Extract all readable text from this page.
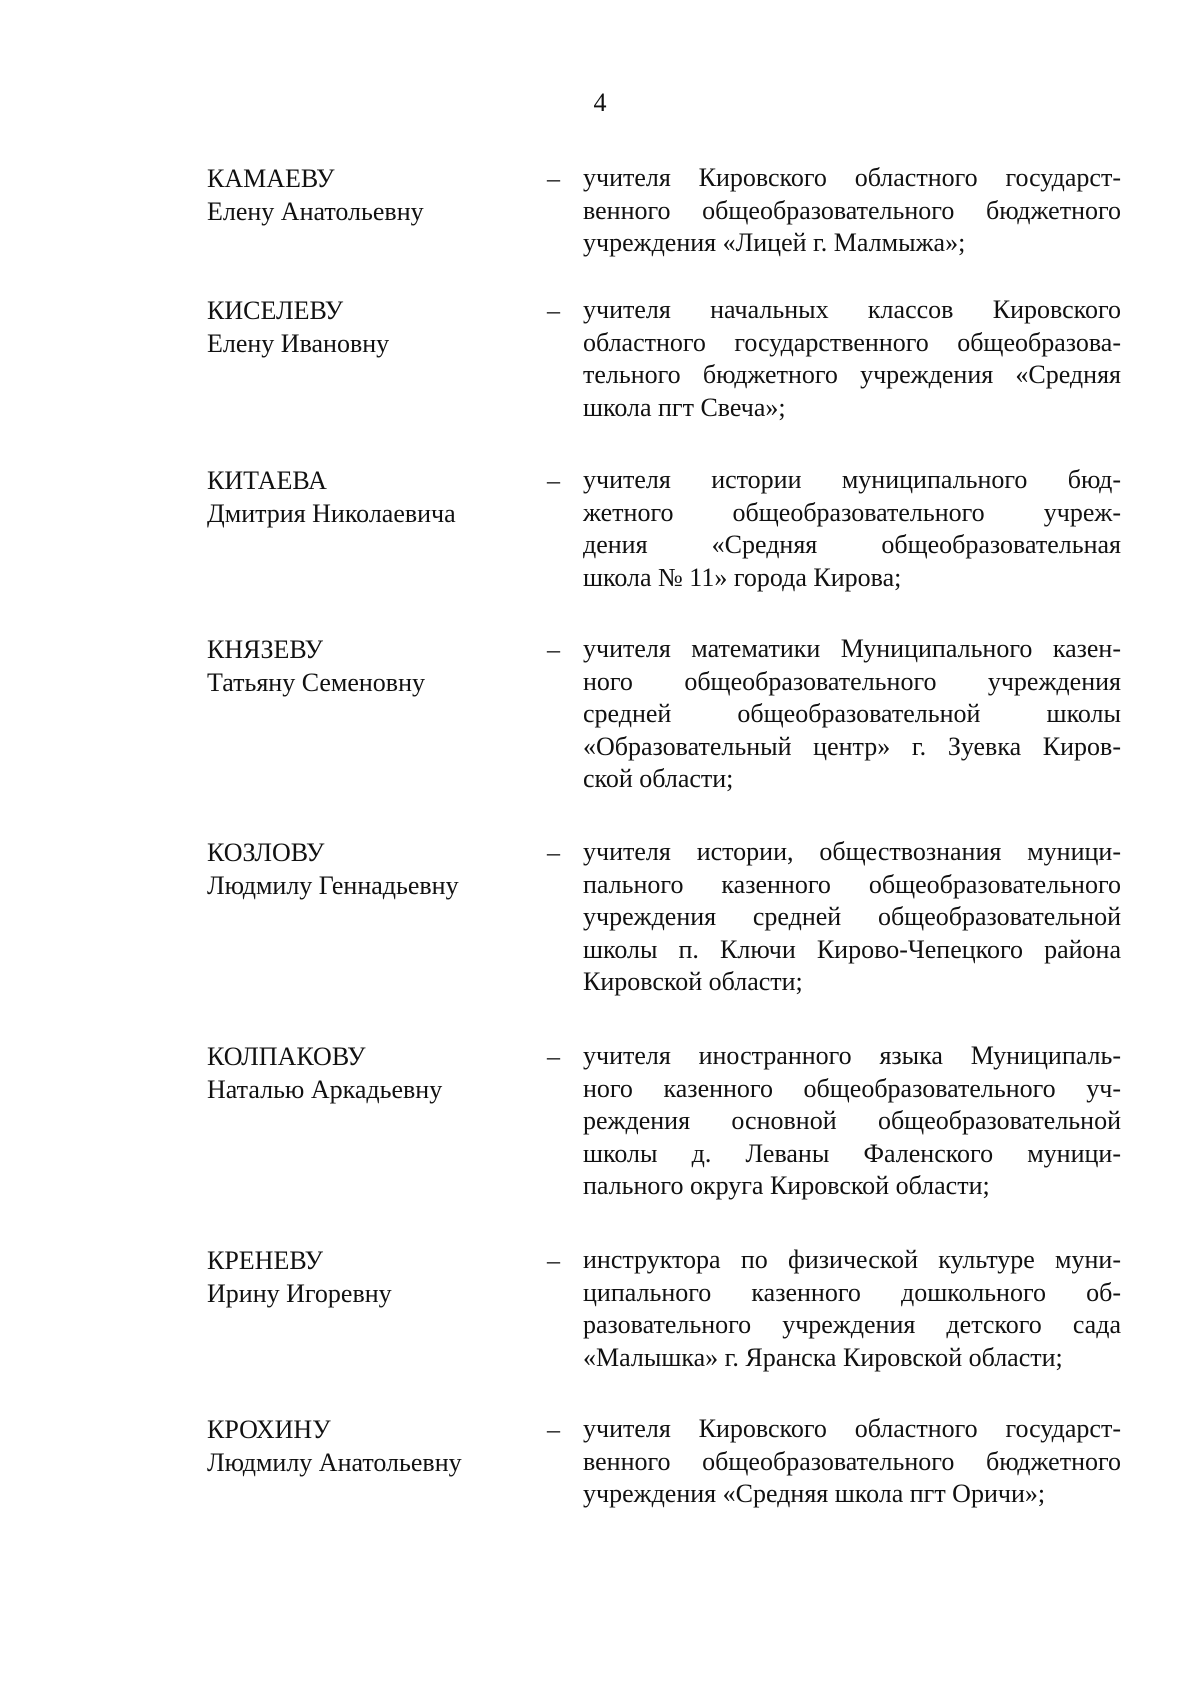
4
КАМАЕВУ
Елену Анатольевну
– учителя Кировского областного государст-
венного общеобразовательного бюджетного
учреждения «Лицей г. Малмыжа»;
КИСЕЛЕВУ
Елену Ивановну
– учителя начальных классов Кировского
областного государственного общеобразова-
тельного бюджетного учреждения «Средняя
школа пгт Свеча»;
КИТАЕВА
Дмитрия Николаевича
– учителя истории муниципального бюд-
жетного общеобразовательного учреж-
дения «Средняя общеобразовательная
школа № 11» города Кирова;
КНЯЗЕВУ
Татьяну Семеновну
– учителя математики Муниципального казен-
ного общеобразовательного учреждения
средней общеобразовательной школы
«Образовательный центр» г. Зуевка Киров-
ской области;
КОЗЛОВУ
Людмилу Геннадьевну
– учителя истории, обществознания муници-
пального казенного общеобразовательного
учреждения средней общеобразовательной
школы п. Ключи Кирово-Чепецкого района
Кировской области;
КОЛПАКОВУ
Наталью Аркадьевну
– учителя иностранного языка Муниципаль-
ного казенного общеобразовательного уч-
реждения основной общеобразовательной
школы д. Леваны Фаленского муници-
пального округа Кировской области;
КРЕНЕВУ
Ирину Игоревну
– инструктора по физической культуре муни-
ципального казенного дошкольного об-
разовательного учреждения детского сада
«Малышка» г. Яранска Кировской области;
КРОХИНУ
Людмилу Анатольевну
– учителя Кировского областного государст-
венного общеобразовательного бюджетного
учреждения «Средняя школа пгт Оричи»;
